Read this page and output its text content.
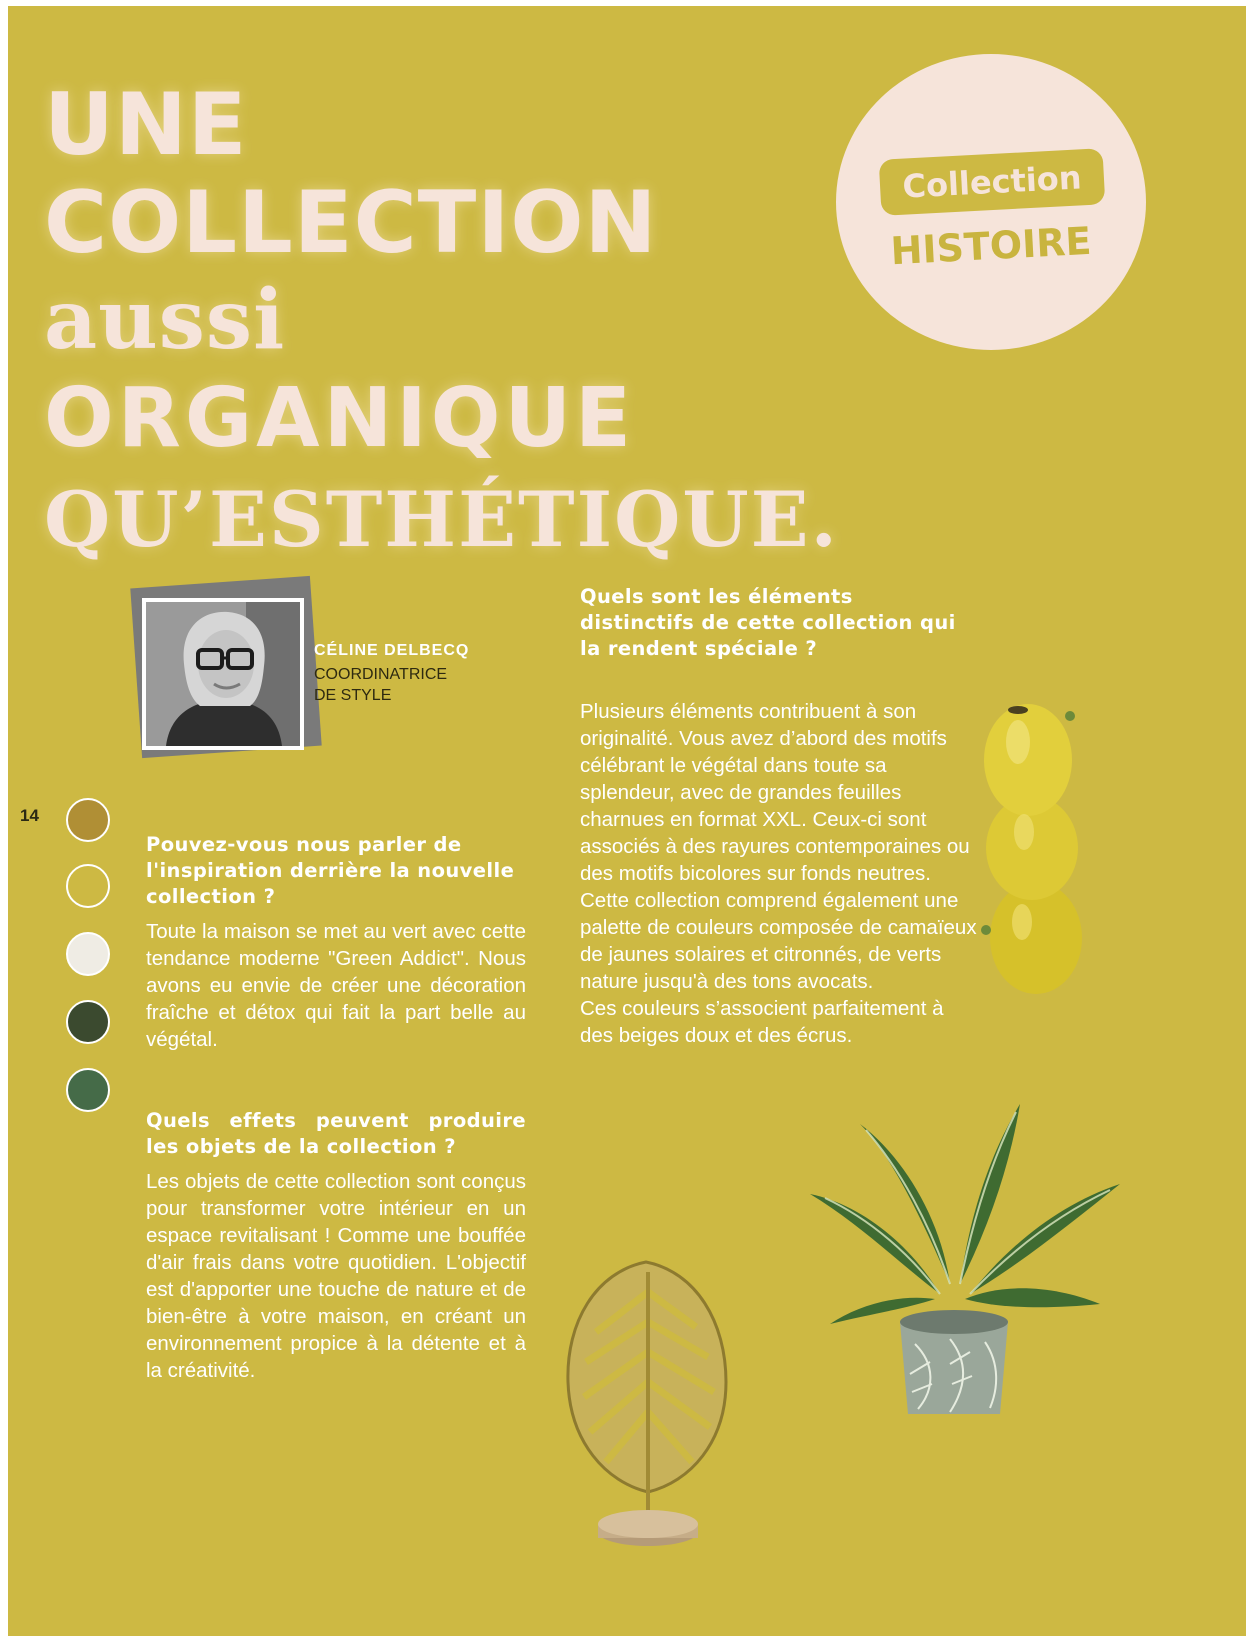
UNE
COLLECTION
aussi
ORGANIQUE
QU’ESTHÉTIQUE.
Collection
HISTOIRE

CÉLINE DELBECQ

COORDINATRICE
DE STYLE

14

Pouvez-vous nous parler de l'inspiration derrière la nouvelle collection ?

Toute la maison se met au vert avec cette tendance moderne "Green Addict". Nous avons eu envie de créer une décoration fraîche et détox qui fait la part belle au végétal.

Quels effets peuvent produire les objets de la collection ?

Les objets de cette collection sont conçus pour transformer votre intérieur en un espace revitalisant ! Comme une bouffée d'air frais dans votre quotidien. L'objectif est d'apporter une touche de nature et de bien-être à votre maison, en créant un environnement propice à la détente et à la créativité.

Quels sont les éléments distinctifs de cette collection qui la rendent spéciale ?
Plusieurs éléments contribuent à son originalité. Vous avez d’abord des motifs célébrant le végétal dans toute sa splendeur, avec de grandes feuilles charnues en format XXL. Ceux-ci sont associés à des rayures contemporaines ou des motifs bicolores sur fonds neutres. Cette collection comprend également une palette de couleurs composée de camaïeux de jaunes solaires et citronnés, de verts nature jusqu'à des tons avocats.
Ces couleurs s’associent parfaitement à des beiges doux et des écrus.
